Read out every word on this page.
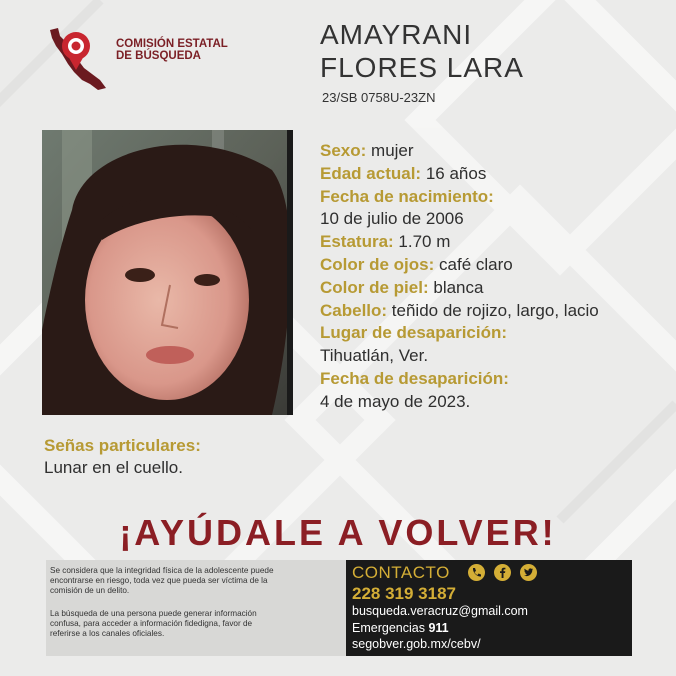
COMISIÓN ESTATAL
DE BÚSQUEDA
AMAYRANI
FLORES LARA
23/SB 0758U-23ZN
Sexo: mujer
Edad actual: 16 años
Fecha de nacimiento:
10 de julio de 2006
Estatura: 1.70 m
Color de ojos: café claro
Color de piel: blanca
Cabello: teñido de rojizo, largo, lacio
Lugar de desaparición:
Tihuatlán, Ver.
Fecha de desaparición:
4 de mayo de 2023.
Señas particulares:
Lunar en el cuello.
¡AYÚDALE A VOLVER!
Se considera que la integridad física de la adolescente puede
encontrarse en riesgo, toda vez que pueda ser víctima de la
comisión de un delito.
La búsqueda de una persona puede generar información
confusa, para acceder a información fidedigna, favor de
referirse a los canales oficiales.
CONTACTO
228 319 3187
busqueda.veracruz@gmail.com
Emergencias 911
segobver.gob.mx/cebv/
